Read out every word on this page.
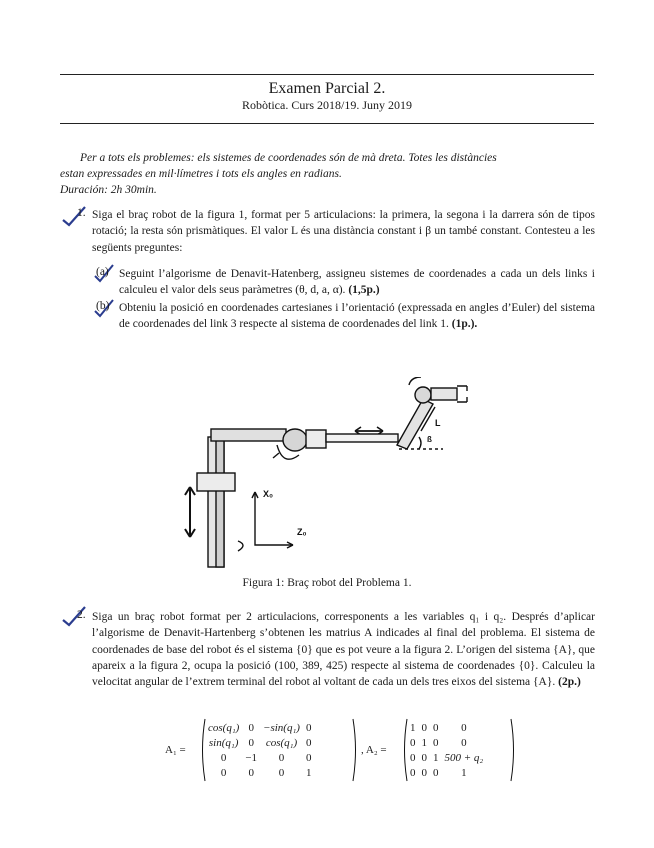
Examen Parcial 2.
Robòtica. Curs 2018/19. Juny 2019
Per a tots els problemes: els sistemes de coordenades són de mà dreta. Totes les distàncies
estan expressades en mil·límetres i tots els angles en radians.
Duración: 2h 30min.
1. Siga el braç robot de la figura 1, format per 5 articulacions: la primera, la segona i la darrera són de tipos rotació; la resta són prismàtiques. El valor L és una distància constant i β un també constant. Contesteu a les següents preguntes:
(a) Seguint l’algorisme de Denavit-Hatenberg, assigneu sistemes de coordenades a cada un dels links i calculeu el valor dels seus paràmetres (θ, d, a, α). (1,5p.)
(b) Obteniu la posició en coordenades cartesianes i l’orientació (expressada en angles d’Euler) del sistema de coordenades del link 3 respecte al sistema de coordenades del link 1. (1p.).
X₀
Z₀
L
ß
Figura 1: Braç robot del Problema 1.
2. Siga un braç robot format per 2 articulacions, corresponents a les variables q₁ i q₂. Després d’aplicar l’algorisme de Denavit-Hartenberg s’obtenen les matrius A indicades al final del problema. El sistema de coordenades de base del robot és el sistema {0} que es pot veure a la figura 2. L’origen del sistema {A}, que apareix a la figura 2, ocupa la posició (100, 389, 425) respecte al sistema de coordenades {0}. Calculeu la velocitat angular de l’extrem terminal del robot al voltant de cada un dels tres eixos del sistema {A}. (2p.)
A₁ =
cos(q₁)	0	−sin(q₁)	0
sin(q₁)	0	cos(q₁)	0
0	−1	0	0
0	0	0	1
, A₂ =
1	0	0	0
0	1	0	0
0	0	1	500 + q₂
0	0	0	1
